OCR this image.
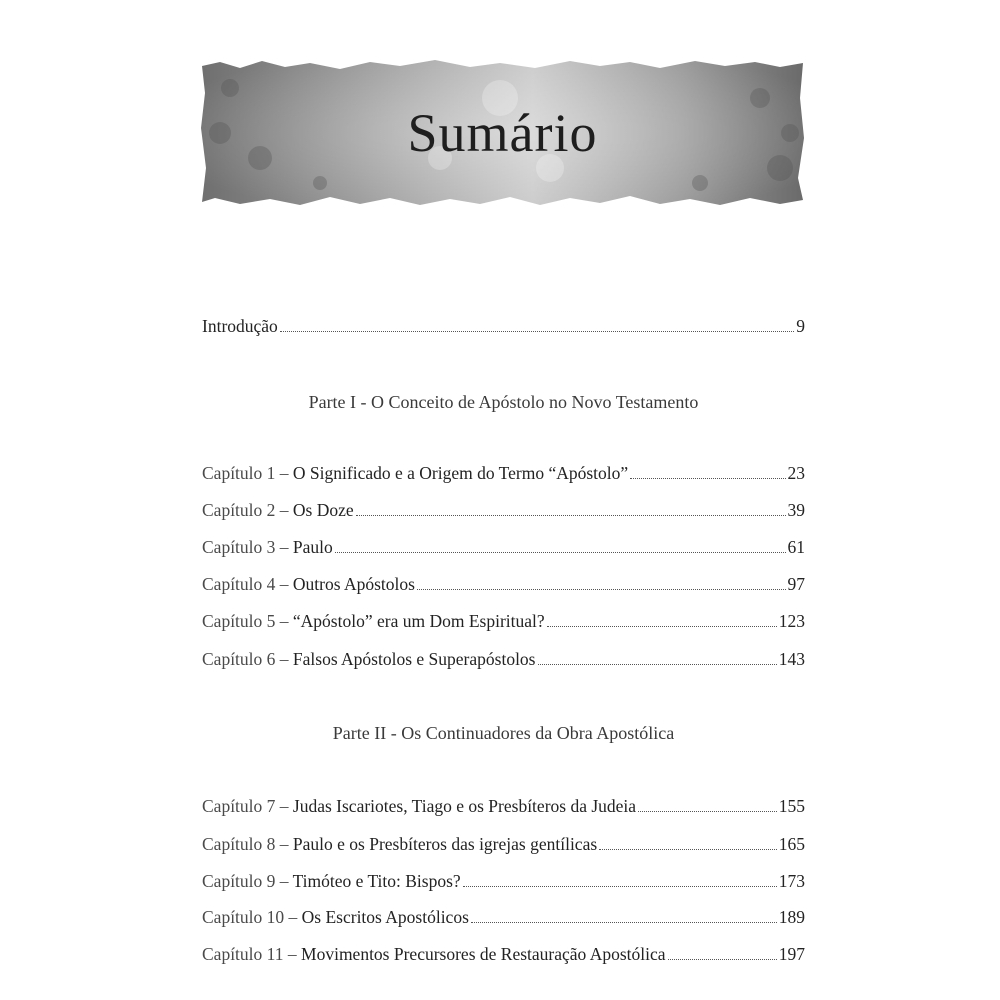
Sumário
Introdução	9
Parte I - O Conceito de Apóstolo no Novo Testamento
Capítulo 1 – O Significado e a Origem do Termo “Apóstolo”	23
Capítulo 2 – Os Doze	39
Capítulo 3 – Paulo	61
Capítulo 4 – Outros Apóstolos	97
Capítulo 5 – “Apóstolo” era um Dom Espiritual?	123
Capítulo 6 – Falsos Apóstolos e Superapóstolos	143
Parte II - Os Continuadores da Obra Apostólica
Capítulo 7 – Judas Iscariotes, Tiago e os Presbíteros da Judeia	155
Capítulo 8 – Paulo e os Presbíteros das igrejas gentílicas	165
Capítulo 9 – Timóteo e Tito: Bispos?	173
Capítulo 10 – Os Escritos Apostólicos	189
Capítulo 11 – Movimentos Precursores de Restauração Apostólica	197
